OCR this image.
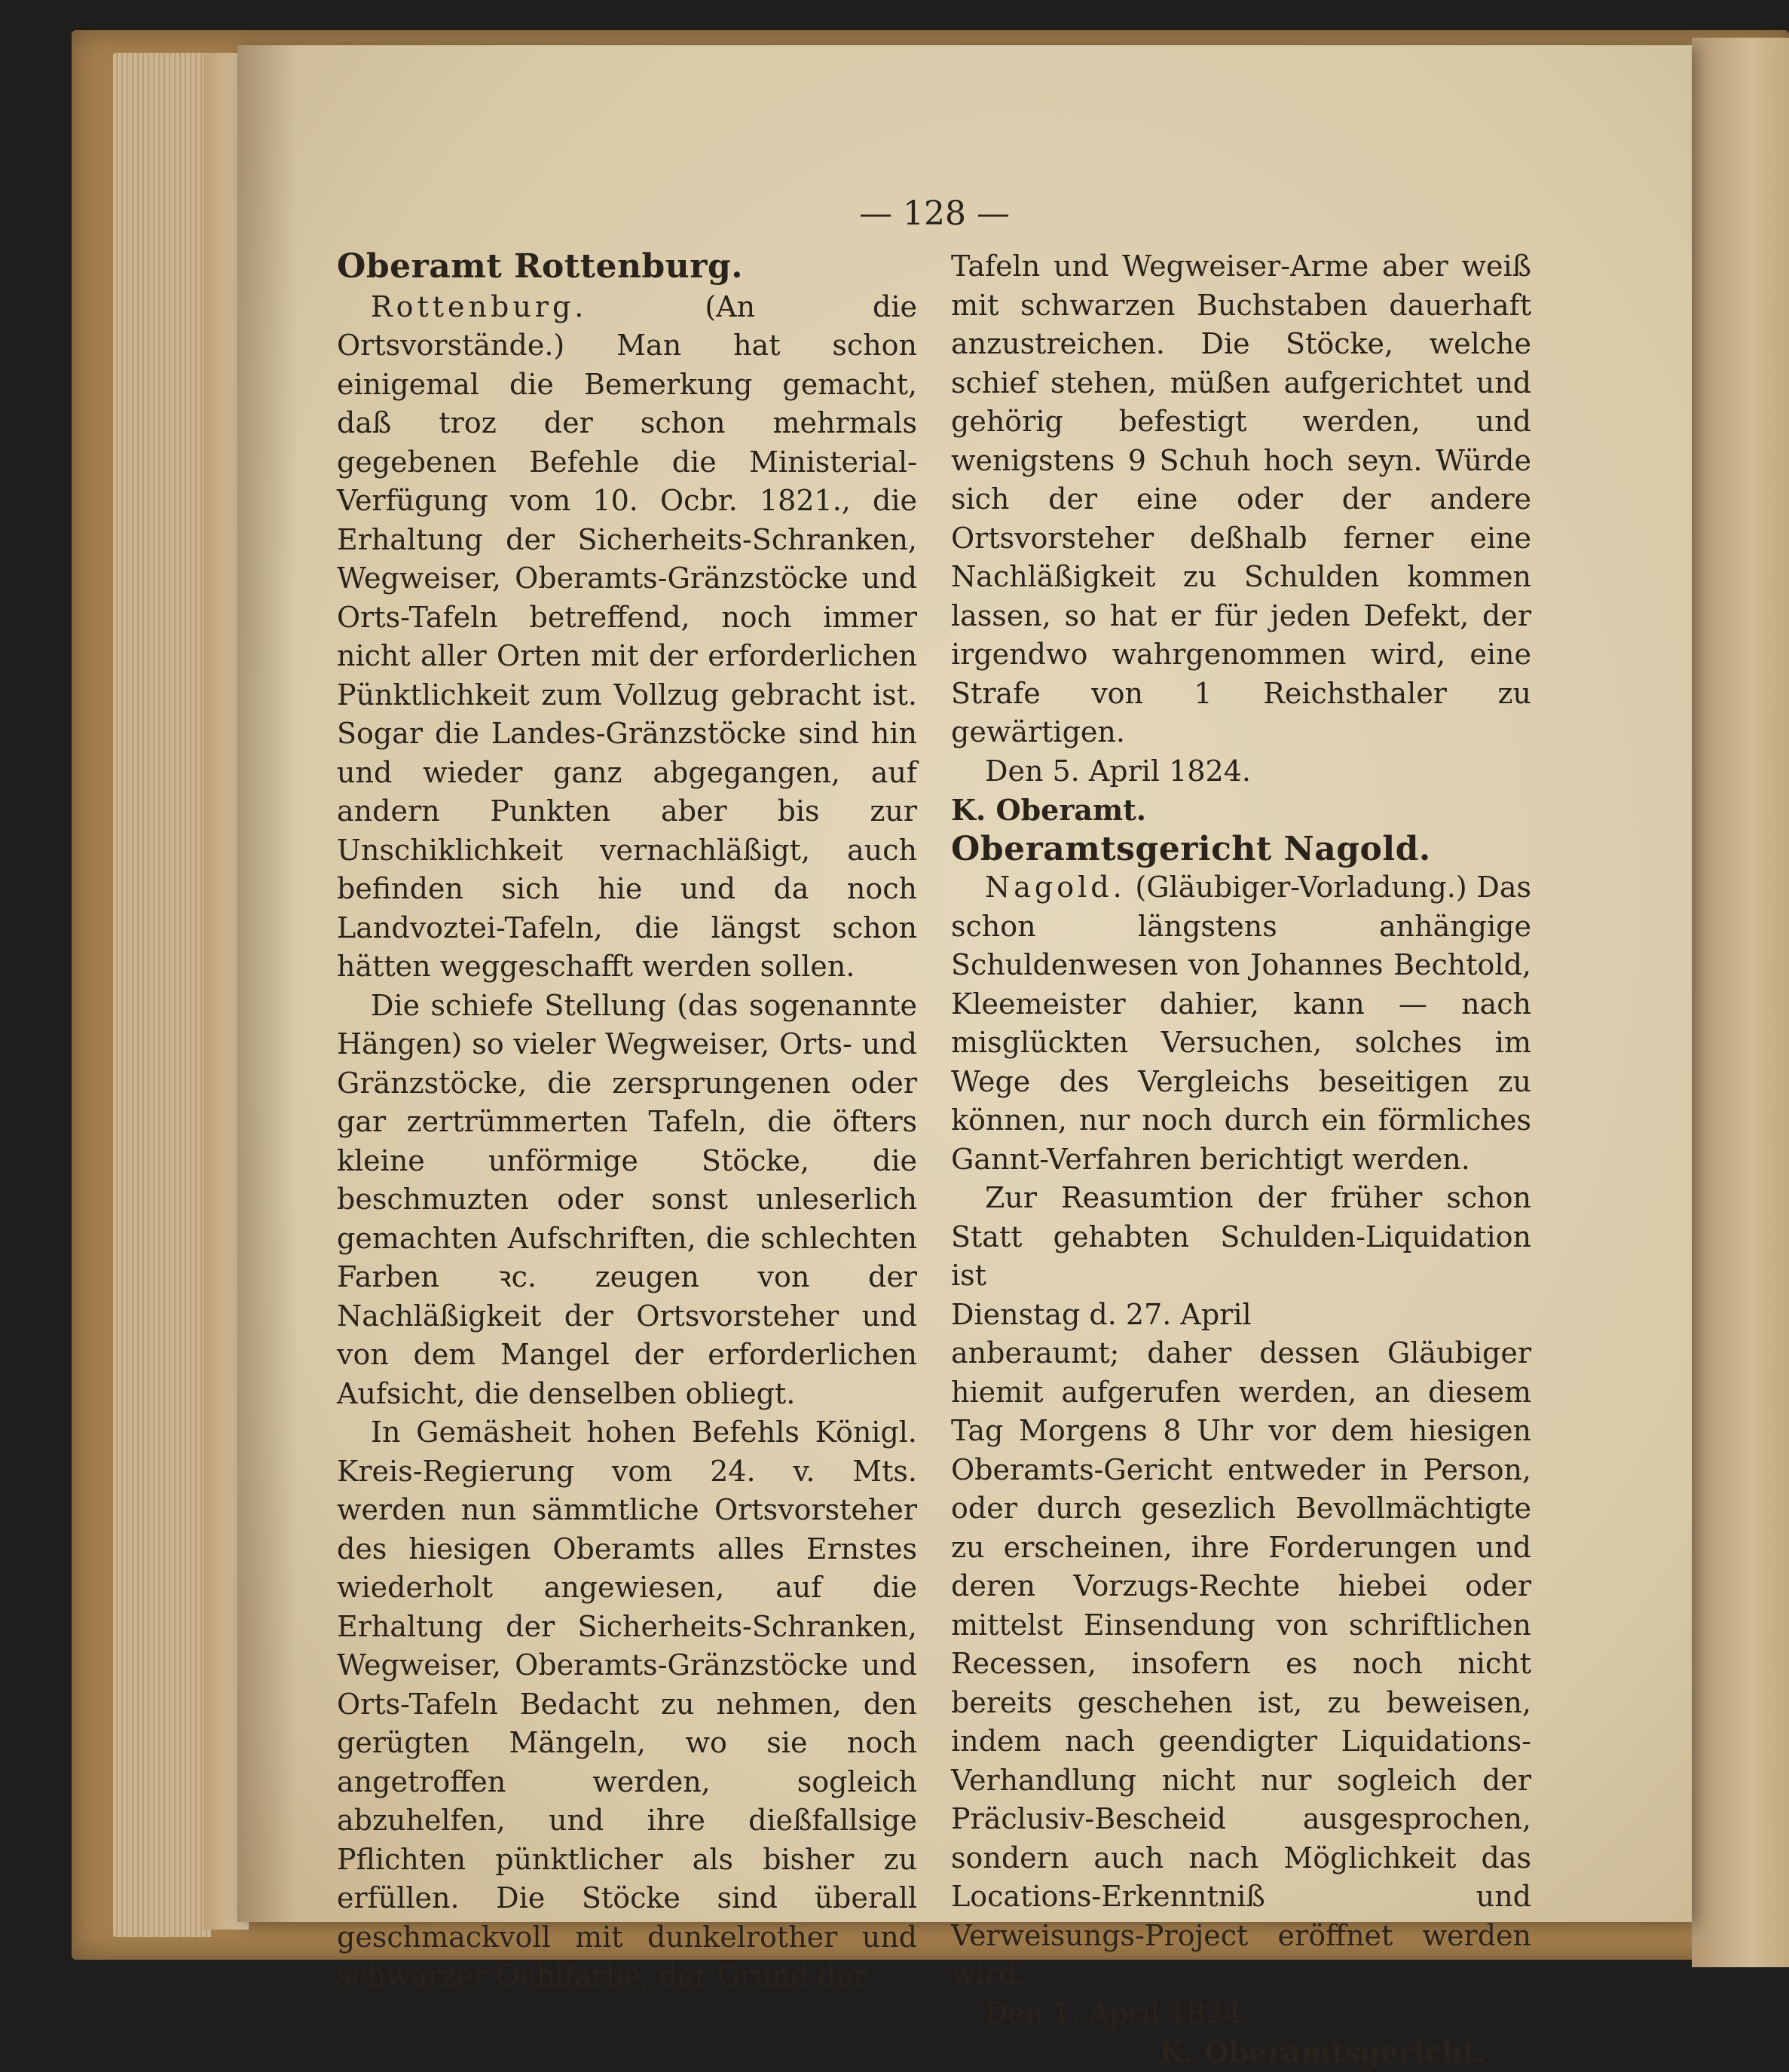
— 128 —

Oberamt Rottenburg.

Rottenburg.	(An die Ortsvorstände.) Man hat schon einigemal die Bemerkung gemacht, daß troz der schon mehrmals gegebenen Befehle die Ministerial-Verfügung vom 10. Ocbr. 1821., die Erhaltung der Sicherheits-Schranken, Wegweiser, Oberamts-Gränzstöcke und Orts-Tafeln betreffend, noch immer nicht aller Orten mit der erforderlichen Pünktlichkeit zum Vollzug gebracht ist. Sogar die Landes-Gränzstöcke sind hin und wieder ganz abgegangen, auf andern Punkten aber bis zur Unschiklichkeit vernachläßigt, auch befinden sich hie und da noch Landvoztei-Tafeln, die längst schon hätten weggeschafft werden sollen.

Die schiefe Stellung (das sogenannte Hängen) so vieler Wegweiser, Orts- und Gränzstöcke, die zersprungenen oder gar zertrümmerten Tafeln, die öfters kleine unförmige Stöcke, die beschmuzten oder sonst unleserlich gemachten Aufschriften, die schlechten Farben ꝛc. zeugen von der Nachläßigkeit der Ortsvorsteher und von dem Mangel der erforderlichen Aufsicht, die denselben obliegt.

In Gemäsheit hohen Befehls Königl. Kreis-Regierung vom 24. v. Mts. werden nun sämmtliche Ortsvorsteher des hiesigen Oberamts alles Ernstes wiederholt angewiesen, auf die Erhaltung der Sicherheits-Schranken, Wegweiser, Oberamts-Gränzstöcke und Orts-Tafeln Bedacht zu nehmen, den gerügten Mängeln, wo sie noch angetroffen werden, sogleich abzuhelfen, und ihre dießfallsige Pflichten pünktlicher als bisher zu erfüllen. Die Stöcke sind überall geschmackvoll mit dunkelrother und schwarzer Oehlfarbe, der Grund der

Tafeln und Wegweiser-Arme aber weiß mit schwarzen Buchstaben dauerhaft anzustreichen. Die Stöcke, welche schief stehen, müßen aufgerichtet und gehörig befestigt werden, und wenigstens 9 Schuh hoch seyn. Würde sich der eine oder der andere Ortsvorsteher deßhalb ferner eine Nachläßigkeit zu Schulden kommen lassen, so hat er für jeden Defekt, der irgendwo wahrgenommen wird, eine Strafe von 1 Reichsthaler zu gewärtigen.

Den 5. April 1824.

K. Oberamt.

Oberamtsgericht Nagold.

Nagold. (Gläubiger-Vorladung.) Das schon längstens anhängige Schuldenwesen von Johannes Bechtold, Kleemeister dahier, kann — nach misglückten Versuchen, solches im Wege des Vergleichs beseitigen zu können, nur noch durch ein förmliches Gannt-Verfahren berichtigt werden.

Zur Reasumtion der früher schon Statt gehabten Schulden-Liquidation ist

Dienstag d. 27. April

anberaumt; daher dessen Gläubiger hiemit aufgerufen werden, an diesem Tag Morgens 8 Uhr vor dem hiesigen Oberamts-Gericht entweder in Person, oder durch gesezlich Bevollmächtigte zu erscheinen, ihre Forderungen und deren Vorzugs-Rechte hiebei oder mittelst Einsendung von schriftlichen Recessen, insofern es noch nicht bereits geschehen ist, zu beweisen, indem nach geendigter Liquidations-Verhandlung nicht nur sogleich der Präclusiv-Bescheid ausgesprochen, sondern auch nach Möglichkeit das Locations-Erkenntniß und Verweisungs-Project eröffnet werden wird.

Den 1. April 1824.

K. Oberamtsgericht.
